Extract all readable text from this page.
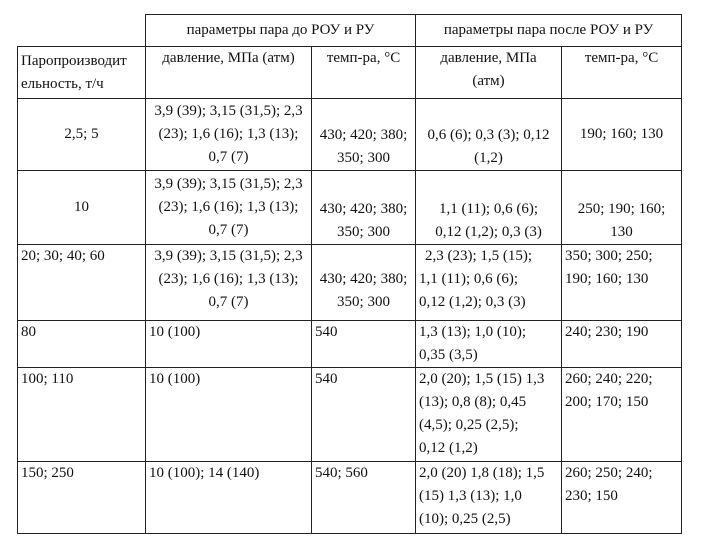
	параметры пара до РОУ и РУ		параметры пара после РОУ и РУ	

Паропроизводит
ельность, т/ч	давление, МПа (атм)	темп-ра, °С	давление, МПа
(атм)	темп-ра, °С

2,5; 5	3,9 (39); 3,15 (31,5); 2,3
(23); 1,6 (16); 1,3 (13);
0,7 (7)	430; 420; 380;
350; 300	0,6 (6); 0,3 (3); 0,12
(1,2)	190; 160; 130

10	3,9 (39); 3,15 (31,5); 2,3
(23); 1,6 (16); 1,3 (13);
0,7 (7)	430; 420; 380;
350; 300	1,1 (11); 0,6 (6);
0,12 (1,2); 0,3 (3)	250; 190; 160;
130

20; 30; 40; 60	3,9 (39); 3,15 (31,5); 2,3
(23); 1,6 (16); 1,3 (13);
0,7 (7)	430; 420; 380;
350; 300	2,3 (23); 1,5 (15);
1,1 (11); 0,6 (6);
0,12 (1,2); 0,3 (3)	350; 300; 250;
190; 160; 130

80	10 (100)	540	1,3 (13); 1,0 (10);
0,35 (3,5)	240; 230; 190

100; 110	10 (100)	540	2,0 (20); 1,5 (15) 1,3
(13); 0,8 (8); 0,45
(4,5); 0,25 (2,5);
0,12 (1,2)	260; 240; 220;
200; 170; 150

150; 250	10 (100); 14 (140)	540; 560	2,0 (20) 1,8 (18); 1,5
(15) 1,3 (13); 1,0
(10); 0,25 (2,5)	260; 250; 240;
230; 150
